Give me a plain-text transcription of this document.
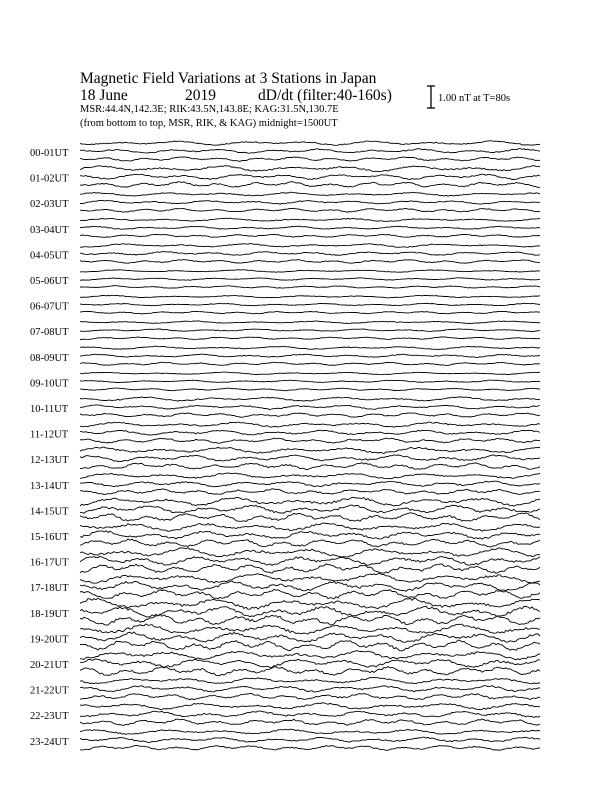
Magnetic Field Variations at 3 Stations in Japan
18 June	2019	dD/dt (filter:40-160s)
MSR:44.4N,142.3E; RIK:43.5N,143.8E; KAG:31.5N,130.7E
(from bottom to top, MSR, RIK, & KAG) midnight=1500UT
1.00 nT at T=80s
00-01UT
01-02UT
02-03UT
03-04UT
04-05UT
05-06UT
06-07UT
07-08UT
08-09UT
09-10UT
10-11UT
11-12UT
12-13UT
13-14UT
14-15UT
15-16UT
16-17UT
17-18UT
18-19UT
19-20UT
20-21UT
21-22UT
22-23UT
23-24UT
